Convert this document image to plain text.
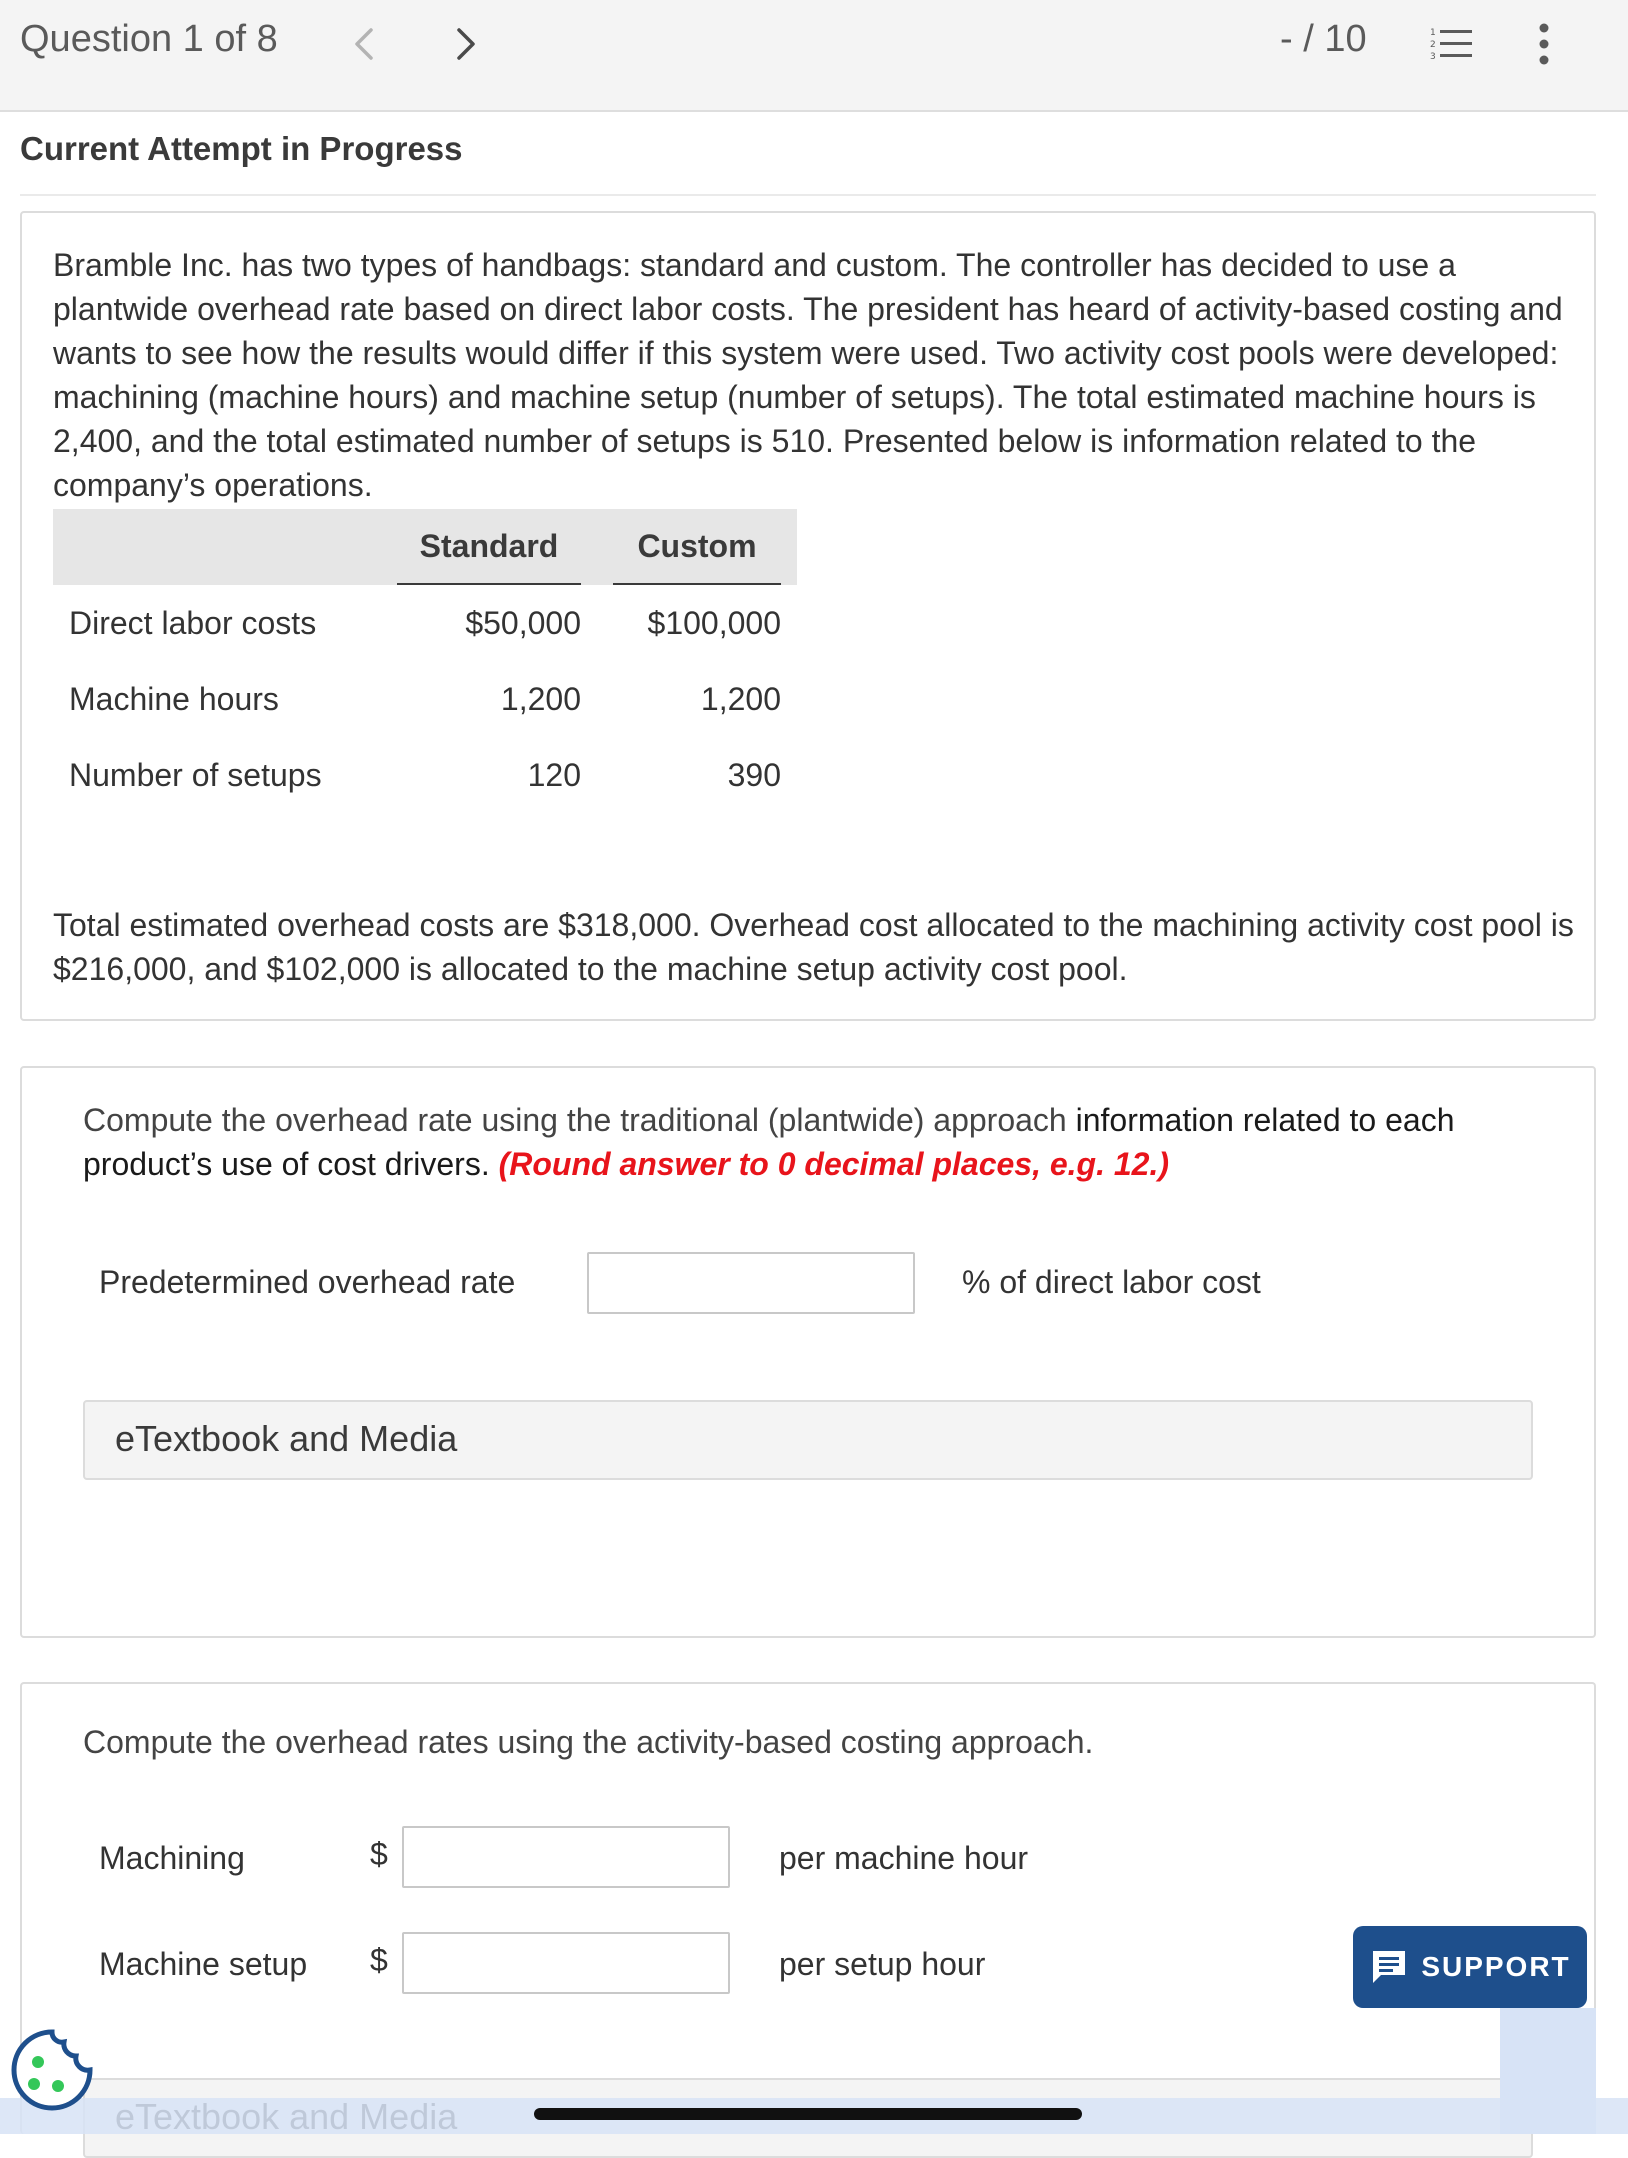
Question 1 of 8	- / 10	1
2
3
Current Attempt in Progress
Bramble Inc. has two types of handbags: standard and custom. The controller has decided to use a plantwide overhead rate based on direct labor costs. The president has heard of activity-based costing and wants to see how the results would differ if this system were used. Two activity cost pools were developed: machining (machine hours) and machine setup (number of setups). The total estimated machine hours is 2,400, and the total estimated number of setups is 510. Presented below is information related to the company’s operations.

	Standard	Custom

Direct labor costs	$50,000	$100,000
Machine hours	1,200	1,200
Number of setups	120	390
Total estimated overhead costs are $318,000. Overhead cost allocated to the machining activity cost pool is $216,000, and $102,000 is allocated to the machine setup activity cost pool.
Compute the overhead rate using the traditional (plantwide) approach information related to each product’s use of cost drivers. (Round answer to 0 decimal places, e.g. 12.)
Predetermined overhead rate	% of direct labor cost
eTextbook and Media
Compute the overhead rates using the activity-based costing approach.
Machining	$	per machine hour
Machine setup $	per setup hour	SUPPORT
